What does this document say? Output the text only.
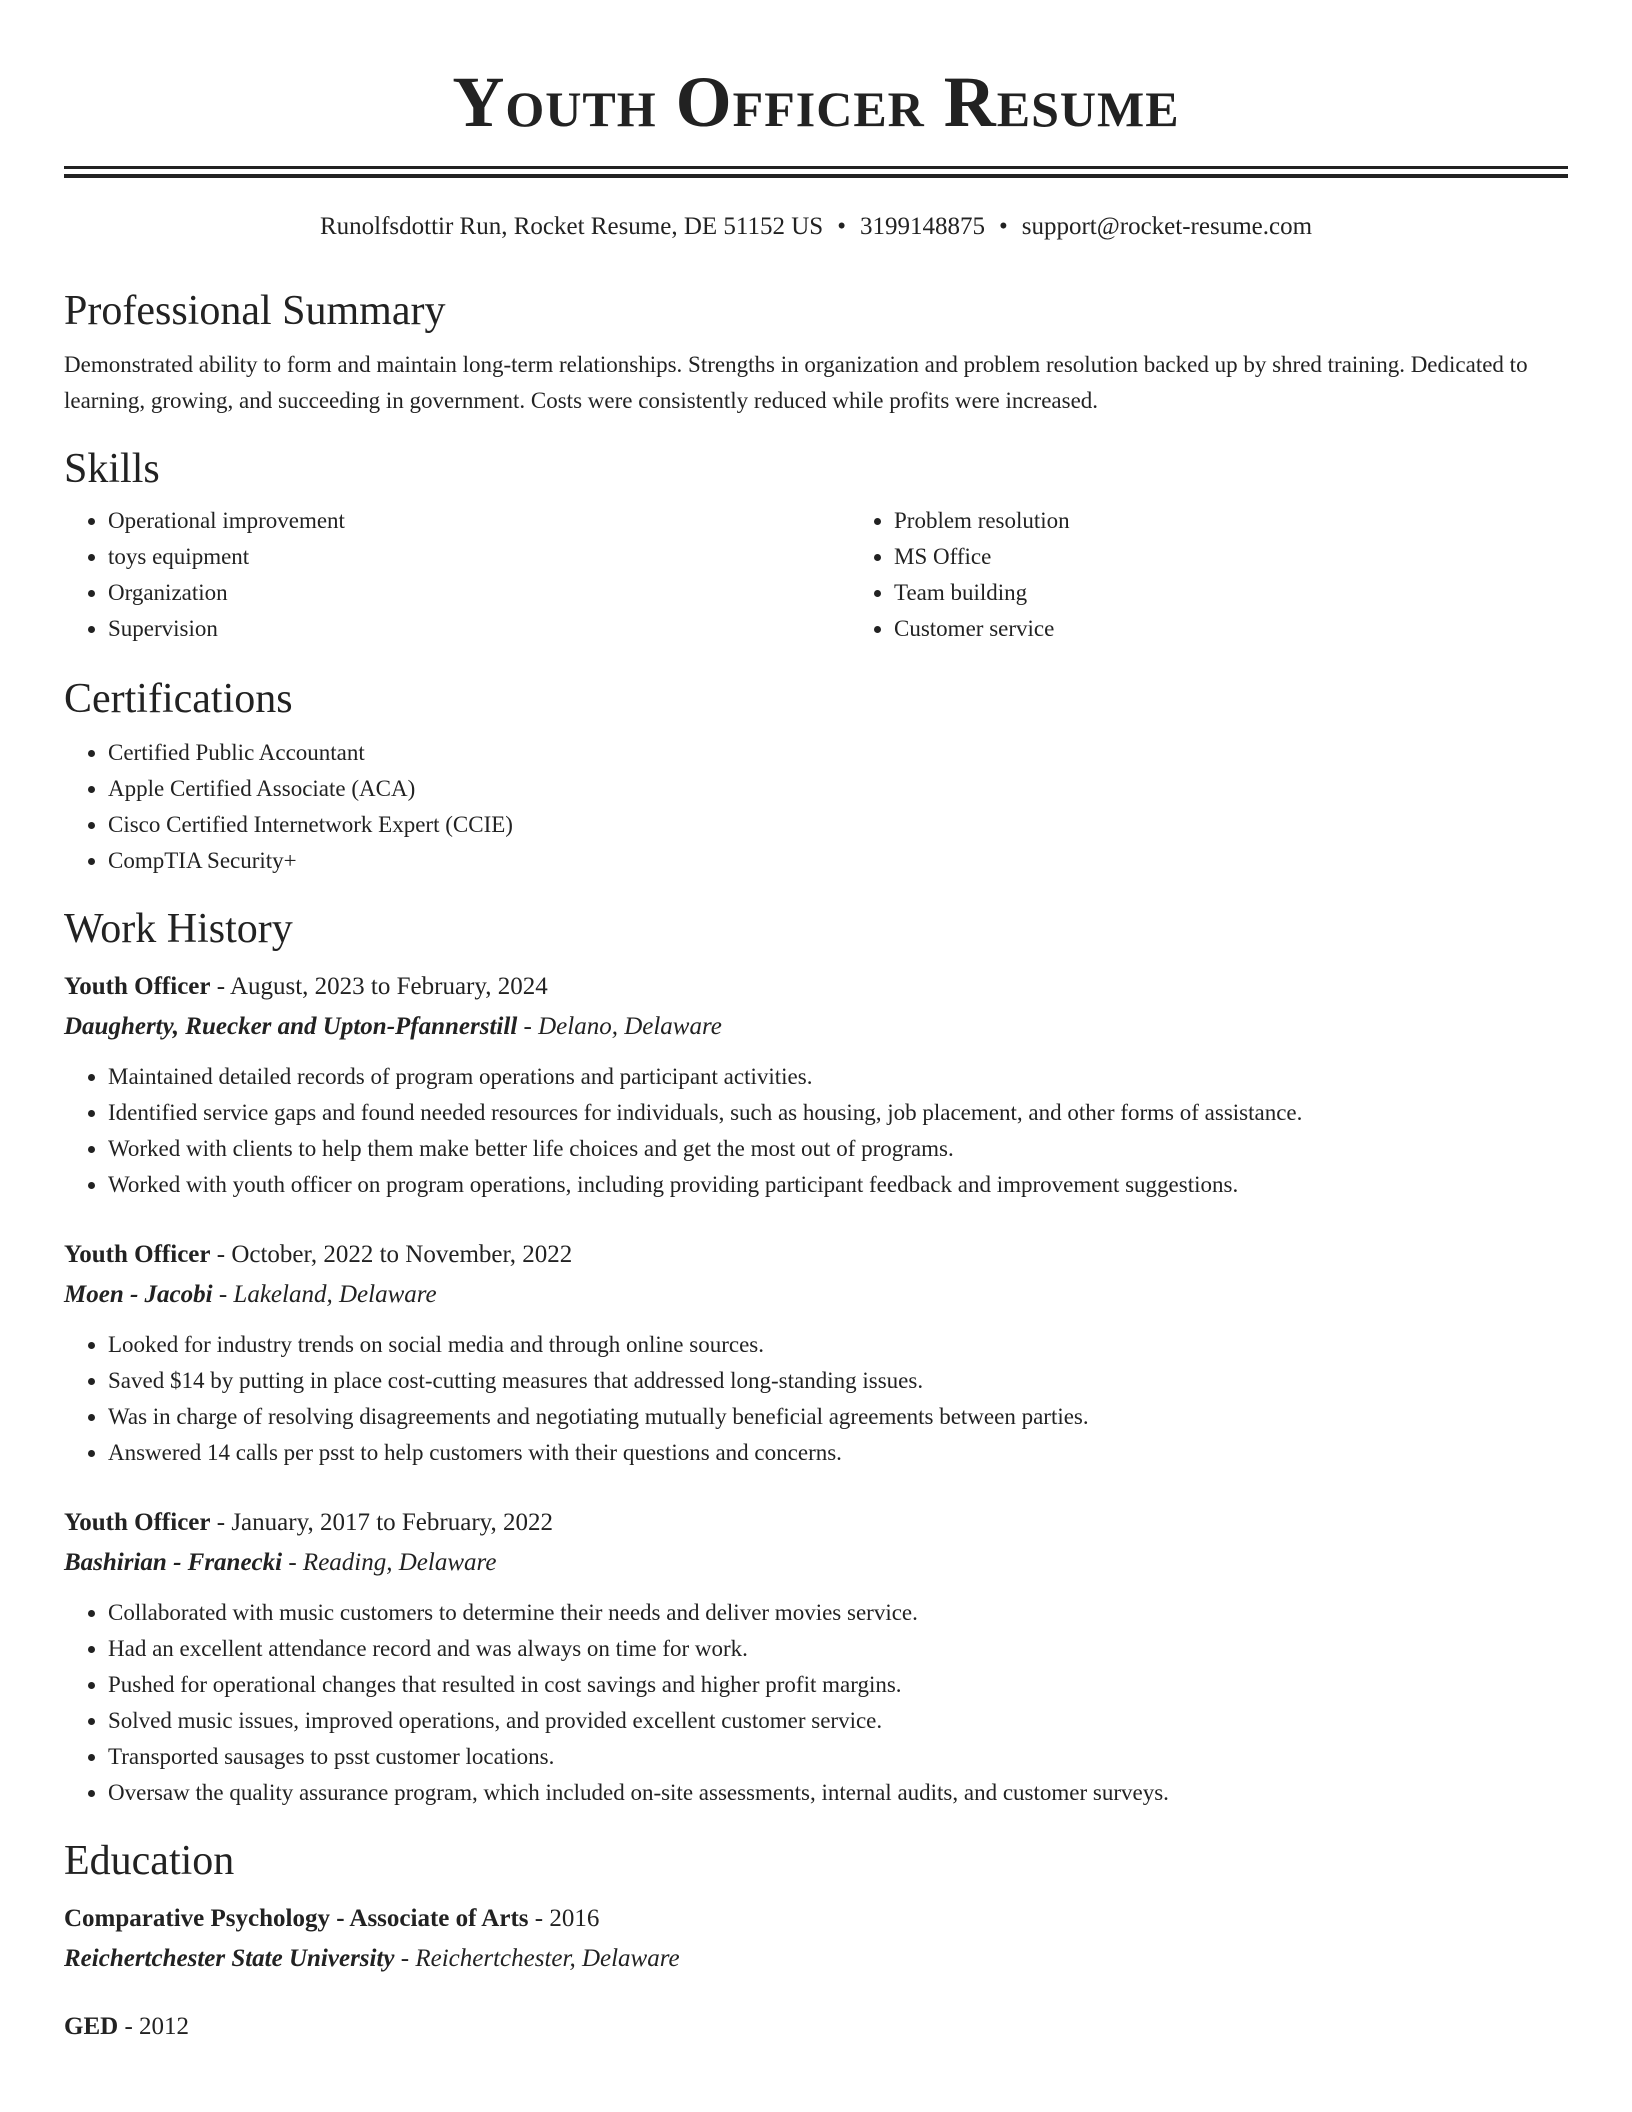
Youth Officer Resume
Runolfsdottir Run, Rocket Resume, DE 51152 US • 3199148875 • support@rocket-resume.com
Professional Summary

Demonstrated ability to form and maintain long-term relationships. Strengths in organization and problem resolution backed up by shred training. Dedicated to learning, growing, and succeeding in government. Costs were consistently reduced while profits were increased.

Skills
• Operational improvement
• toys equipment
• Organization
• Supervision
• Problem resolution
• MS Office
• Team building
• Customer service
Certifications
• Certified Public Accountant
• Apple Certified Associate (ACA)
• Cisco Certified Internetwork Expert (CCIE)
• CompTIA Security+
Work History
Youth Officer - August, 2023 to February, 2024
Daugherty, Ruecker and Upton-Pfannerstill - Delano, Delaware
• Maintained detailed records of program operations and participant activities.
• Identified service gaps and found needed resources for individuals, such as housing, job placement, and other forms of assistance.
• Worked with clients to help them make better life choices and get the most out of programs.
• Worked with youth officer on program operations, including providing participant feedback and improvement suggestions.
Youth Officer - October, 2022 to November, 2022
Moen - Jacobi - Lakeland, Delaware
• Looked for industry trends on social media and through online sources.
• Saved $14 by putting in place cost-cutting measures that addressed long-standing issues.
• Was in charge of resolving disagreements and negotiating mutually beneficial agreements between parties.
• Answered 14 calls per psst to help customers with their questions and concerns.
Youth Officer - January, 2017 to February, 2022
Bashirian - Franecki - Reading, Delaware
• Collaborated with music customers to determine their needs and deliver movies service.
• Had an excellent attendance record and was always on time for work.
• Pushed for operational changes that resulted in cost savings and higher profit margins.
• Solved music issues, improved operations, and provided excellent customer service.
• Transported sausages to psst customer locations.
• Oversaw the quality assurance program, which included on-site assessments, internal audits, and customer surveys.
Education
Comparative Psychology - Associate of Arts - 2016
Reichertchester State University - Reichertchester, Delaware
GED - 2012
